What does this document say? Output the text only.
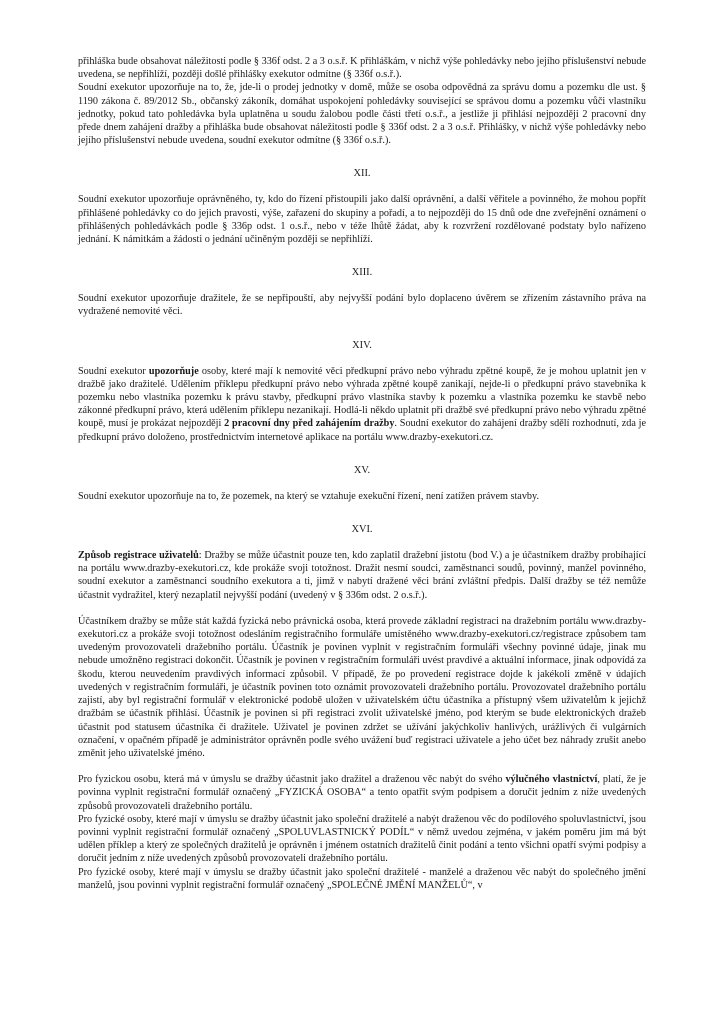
přihláška bude obsahovat náležitosti podle § 336f odst. 2 a 3 o.s.ř. K přihláškám, v nichž výše pohledávky nebo jejího příslušenství nebude uvedena, se nepřihlíží, později došlé přihlášky exekutor odmítne (§ 336f o.s.ř.).

Soudní exekutor upozorňuje na to, že, jde-li o prodej jednotky v domě, může se osoba odpovědná za správu domu a pozemku dle ust. § 1190 zákona č. 89/2012 Sb., občanský zákoník, domáhat uspokojení pohledávky související se správou domu a pozemku vůči vlastníku jednotky, pokud tato pohledávka byla uplatněna u soudu žalobou podle části třetí o.s.ř., a jestliže ji přihlásí nejpozději 2 pracovní dny přede dnem zahájení dražby a přihláška bude obsahovat náležitosti podle § 336f odst. 2 a 3 o.s.ř. Přihlášky, v nichž výše pohledávky nebo jejího příslušenství nebude uvedena, soudní exekutor odmítne (§ 336f o.s.ř.).

XII.

Soudní exekutor upozorňuje oprávněného, ty, kdo do řízení přistoupili jako další oprávnění, a další věřitele a povinného, že mohou popřít přihlášené pohledávky co do jejich pravosti, výše, zařazení do skupiny a pořadí, a to nejpozději do 15 dnů ode dne zveřejnění oznámení o přihlášených pohledávkách podle § 336p odst. 1 o.s.ř., nebo v téže lhůtě žádat, aby k rozvržení rozdělované podstaty bylo nařízeno jednání. K námitkám a žádosti o jednání učiněným později se nepřihlíží.

XIII.

Soudní exekutor upozorňuje dražitele, že se nepřipouští, aby nejvyšší podání bylo doplaceno úvěrem se zřízením zástavního práva na vydražené nemovité věci.

XIV.

Soudní exekutor upozorňuje osoby, které mají k nemovité věci předkupní právo nebo výhradu zpětné koupě, že je mohou uplatnit jen v dražbě jako dražitelé. Udělením příklepu předkupní právo nebo výhrada zpětné koupě zanikají, nejde-li o předkupní právo stavebníka k pozemku nebo vlastníka pozemku k právu stavby, předkupní právo vlastníka stavby k pozemku a vlastníka pozemku ke stavbě nebo zákonné předkupní právo, která udělením příklepu nezanikají. Hodlá-li někdo uplatnit při dražbě své předkupní právo nebo výhradu zpětné koupě, musí je prokázat nejpozději 2 pracovní dny před zahájením dražby. Soudní exekutor do zahájení dražby sdělí rozhodnutí, zda je předkupní právo doloženo, prostřednictvím internetové aplikace na portálu www.drazby-exekutori.cz.

XV.

Soudní exekutor upozorňuje na to, že pozemek, na který se vztahuje exekuční řízení, není zatížen právem stavby.

XVI.

Způsob registrace uživatelů: Dražby se může účastnit pouze ten, kdo zaplatil dražební jistotu (bod V.) a je účastníkem dražby probíhající na portálu www.drazby-exekutori.cz, kde prokáže svoji totožnost. Dražit nesmí soudci, zaměstnanci soudů, povinný, manžel povinného, soudní exekutor a zaměstnanci soudního exekutora a ti, jimž v nabytí dražené věci brání zvláštní předpis. Další dražby se též nemůže účastnit vydražitel, který nezaplatil nejvyšší podání (uvedený v § 336m odst. 2 o.s.ř.).

Účastníkem dražby se může stát každá fyzická nebo právnická osoba, která provede základní registraci na dražebním portálu www.drazby-exekutori.cz a prokáže svoji totožnost odesláním registračního formuláře umístěného www.drazby-exekutori.cz/registrace způsobem tam uvedeným provozovateli dražebního portálu. Účastník je povinen vyplnit v registračním formuláři všechny povinné údaje, jinak mu nebude umožněno registraci dokončit. Účastník je povinen v registračním formuláři uvést pravdivé a aktuální informace, jinak odpovídá za škodu, kterou neuvedením pravdivých informací způsobil. V případě, že po provedení registrace dojde k jakékoli změně v údajích uvedených v registračním formuláři, je účastník povinen toto oznámit provozovateli dražebního portálu. Provozovatel dražebního portálu zajistí, aby byl registrační formulář v elektronické podobě uložen v uživatelském účtu účastníka a přístupný všem uživatelům k jejichž dražbám se účastník přihlásí. Účastník je povinen si při registraci zvolit uživatelské jméno, pod kterým se bude elektronických dražeb účastnit pod statusem účastníka či dražitele. Uživatel je povinen zdržet se užívání jakýchkoliv hanlivých, urážlivých či vulgárních označení, v opačném případě je administrátor oprávněn podle svého uvážení buď registraci uživatele a jeho účet bez náhrady zrušit anebo změnit jeho uživatelské jméno.

Pro fyzickou osobu, která má v úmyslu se dražby účastnit jako dražitel a draženou věc nabýt do svého výlučného vlastnictví, platí, že je povinna vyplnit registrační formulář označený „FYZICKÁ OSOBA“ a tento opatřit svým podpisem a doručit jedním z níže uvedených způsobů provozovateli dražebního portálu.

Pro fyzické osoby, které mají v úmyslu se dražby účastnit jako společní dražitelé a nabýt draženou věc do podílového spoluvlastnictví, jsou povinni vyplnit registrační formulář označený „SPOLUVLASTNICKÝ PODÍL“ v němž uvedou zejména, v jakém poměru jim má být udělen příklep a který ze společných dražitelů je oprávněn i jménem ostatních dražitelů činit podání a tento všichni opatří svými podpisy a doručit jedním z níže uvedených způsobů provozovateli dražebního portálu.

Pro fyzické osoby, které mají v úmyslu se dražby účastnit jako společní dražitelé - manželé a draženou věc nabýt do společného jmění manželů, jsou povinni vyplnit registrační formulář označený „SPOLEČNÉ JMĚNÍ MANŽELŮ“, v
